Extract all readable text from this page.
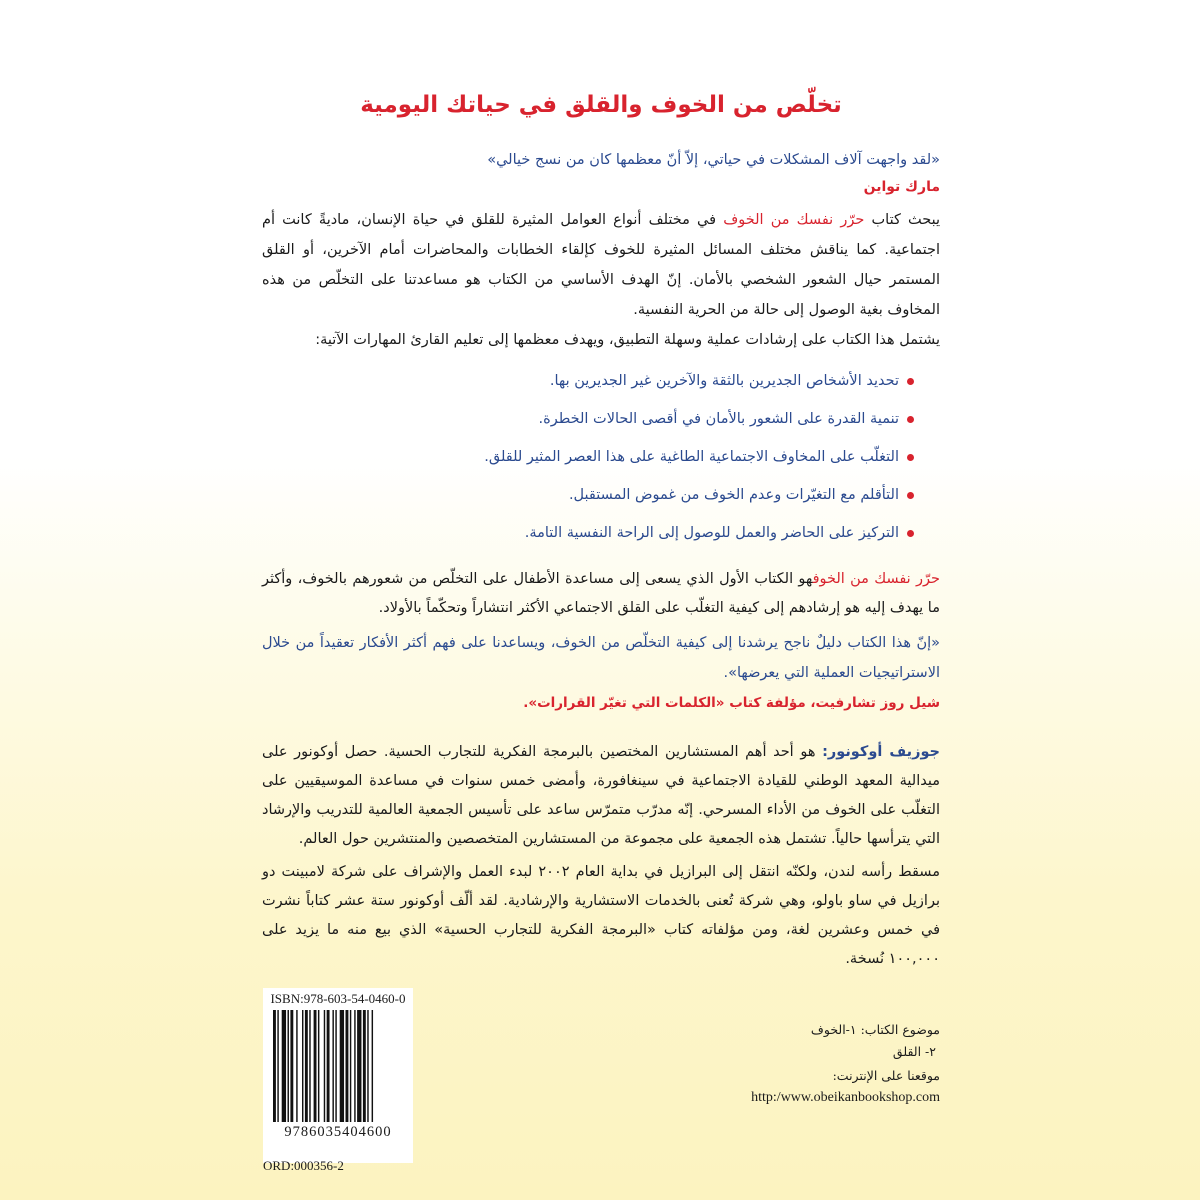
تخلّص من الخوف والقلق في حياتك اليومية
«لقد واجهت آلاف المشكلات في حياتي، إلاّ أنّ معظمها كان من نسج خيالي»
مارك تواين
يبحث كتاب حرّر نفسك من الخوف في مختلف أنواع العوامل المثيرة للقلق في حياة الإنسان، ماديةً كانت أم اجتماعية. كما يناقش مختلف المسائل المثيرة للخوف كإلقاء الخطابات والمحاضرات أمام الآخرين، أو القلق المستمر حيال الشعور الشخصي بالأمان. إنّ الهدف الأساسي من الكتاب هو مساعدتنا على التخلّص من هذه المخاوف بغية الوصول إلى حالة من الحرية النفسية.
يشتمل هذا الكتاب على إرشادات عملية وسهلة التطبيق، ويهدف معظمها إلى تعليم القارئ المهارات الآتية:
تحديد الأشخاص الجديرين بالثقة والآخرين غير الجديرين بها.
تنمية القدرة على الشعور بالأمان في أقصى الحالات الخطرة.
التغلّب على المخاوف الاجتماعية الطاغية على هذا العصر المثير للقلق.
التأقلم مع التغيّرات وعدم الخوف من غموض المستقبل.
التركيز على الحاضر والعمل للوصول إلى الراحة النفسية التامة.
حرّر نفسك من الخوفهو الكتاب الأول الذي يسعى إلى مساعدة الأطفال على التخلّص من شعورهم بالخوف، وأكثر ما يهدف إليه هو إرشادهم إلى كيفية التغلّب على القلق الاجتماعي الأكثر انتشاراً وتحكّماً بالأولاد.
«إنّ هذا الكتاب دليلٌ ناجح يرشدنا إلى كيفية التخلّص من الخوف، ويساعدنا على فهم أكثر الأفكار تعقيداً من خلال الاستراتيجيات العملية التي يعرضها».
شيل روز تشارفيت، مؤلفة كتاب «الكلمات التي تغيّر القرارات».
جوزيف أوكونور: هو أحد أهم المستشارين المختصين بالبرمجة الفكرية للتجارب الحسية. حصل أوكونور على ميدالية المعهد الوطني للقيادة الاجتماعية في سينغافورة، وأمضى خمس سنوات في مساعدة الموسيقيين على التغلّب على الخوف من الأداء المسرحي. إنّه مدرّب متمرّس ساعد على تأسيس الجمعية العالمية للتدريب والإرشاد التي يترأسها حالياً. تشتمل هذه الجمعية على مجموعة من المستشارين المتخصصين والمنتشرين حول العالم.
مسقط رأسه لندن، ولكنّه انتقل إلى البرازيل في بداية العام ٢٠٠٢ لبدء العمل والإشراف على شركة لامبينت دو برازيل في ساو باولو، وهي شركة تُعنى بالخدمات الاستشارية والإرشادية. لقد ألّف أوكونور ستة عشر كتاباً نشرت في خمس وعشرين لغة، ومن مؤلفاته كتاب «البرمجة الفكرية للتجارب الحسية» الذي بيع منه ما يزيد على ١٠٠,٠٠٠ نُسخة.
ISBN:978-603-54-0460-0
9786035404600
ORD:000356-2
موضوع الكتاب: ١-الخوف
٢- القلق
موقعنا على الإنترنت:
http:/www.obeikanbookshop.com
